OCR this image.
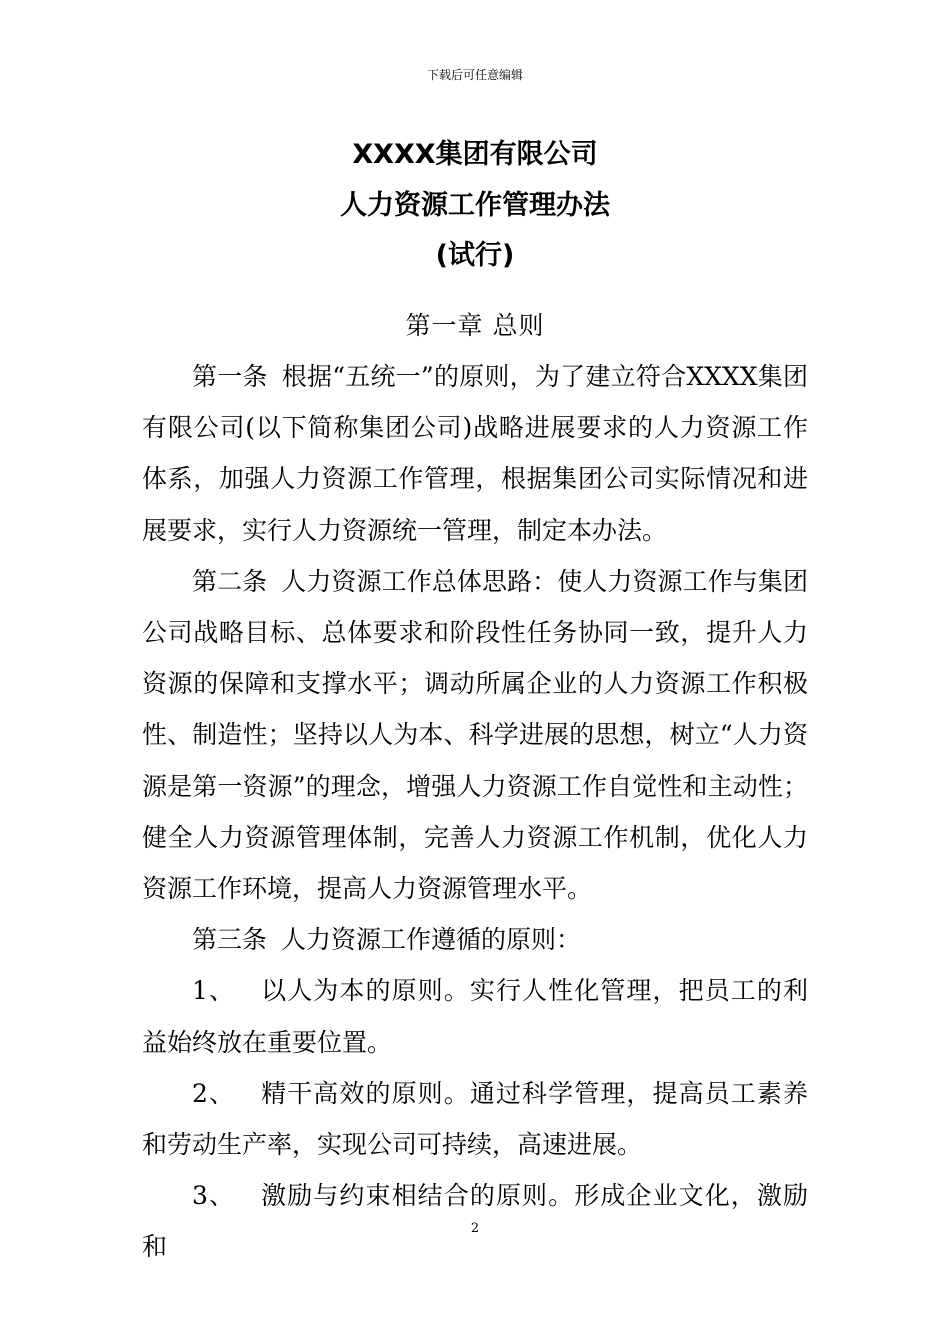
下载后可任意编辑
XXXX集团有限公司
人力资源工作管理办法
(试行)
第一章 总则

第一条 根据“五统一”的原则，为了建立符合XXXX集团有限公司(以下简称集团公司)战略进展要求的人力资源工作体系，加强人力资源工作管理，根据集团公司实际情况和进展要求，实行人力资源统一管理，制定本办法。

第二条 人力资源工作总体思路：使人力资源工作与集团公司战略目标、总体要求和阶段性任务协同一致，提升人力资源的保障和支撑水平；调动所属企业的人力资源工作积极性、制造性；坚持以人为本、科学进展的思想，树立“人力资源是第一资源”的理念，增强人力资源工作自觉性和主动性；健全人力资源管理体制，完善人力资源工作机制，优化人力资源工作环境，提高人力资源管理水平。

第三条 人力资源工作遵循的原则：

1、 以人为本的原则。实行人性化管理，把员工的利益始终放在重要位置。

2、 精干高效的原则。通过科学管理，提高员工素养和劳动生产率，实现公司可持续，高速进展。

3、 激励与约束相结合的原则。形成企业文化，激励和

2
